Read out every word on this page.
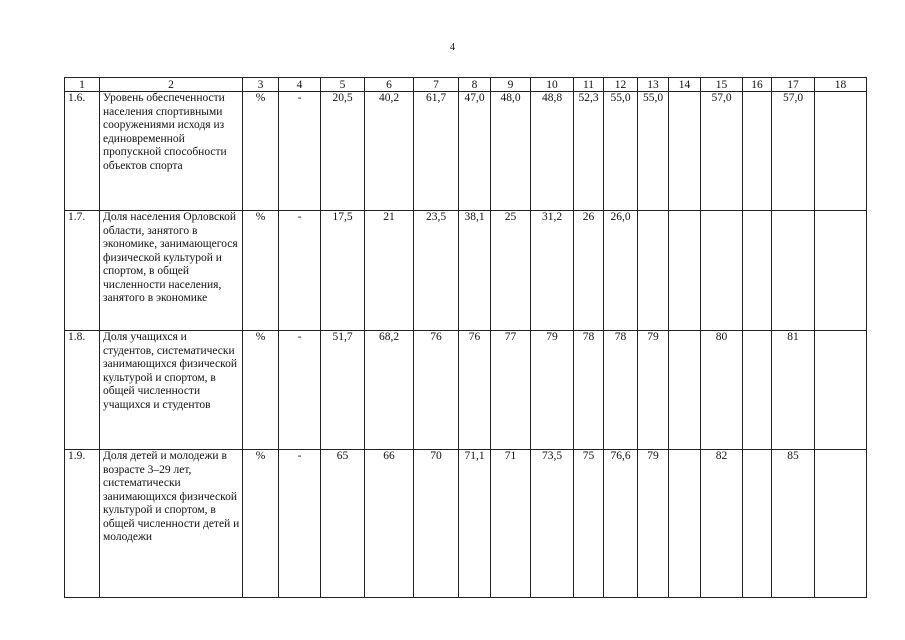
4
1	2	3	4	5	6	7	8	9	10	11	12	13	14	15	16	17	18
1.6.	Уровень обеспеченности населения спортивными сооружениями исходя из единовременной пропускной способности объектов спорта	%	-	20,5	40,2	61,7	47,0	48,0	48,8	52,3	55,0	55,0		57,0		57,0	
1.7.	Доля населения Орловской области, занятого в экономике, занимающегося физической культурой и спортом, в общей численности населения, занятого в экономике	%	-	17,5	21	23,5	38,1	25	31,2	26	26,0						
1.8.	Доля учащихся и студентов, систематически занимающихся физической культурой и спортом, в общей численности учащихся и студентов	%	-	51,7	68,2	76	76	77	79	78	78	79		80		81	
1.9.	Доля детей и молодежи в возрасте 3–29 лет, систематически занимающихся физической культурой и спортом, в общей численности детей и молодежи	%	-	65	66	70	71,1	71	73,5	75	76,6	79		82		85	
